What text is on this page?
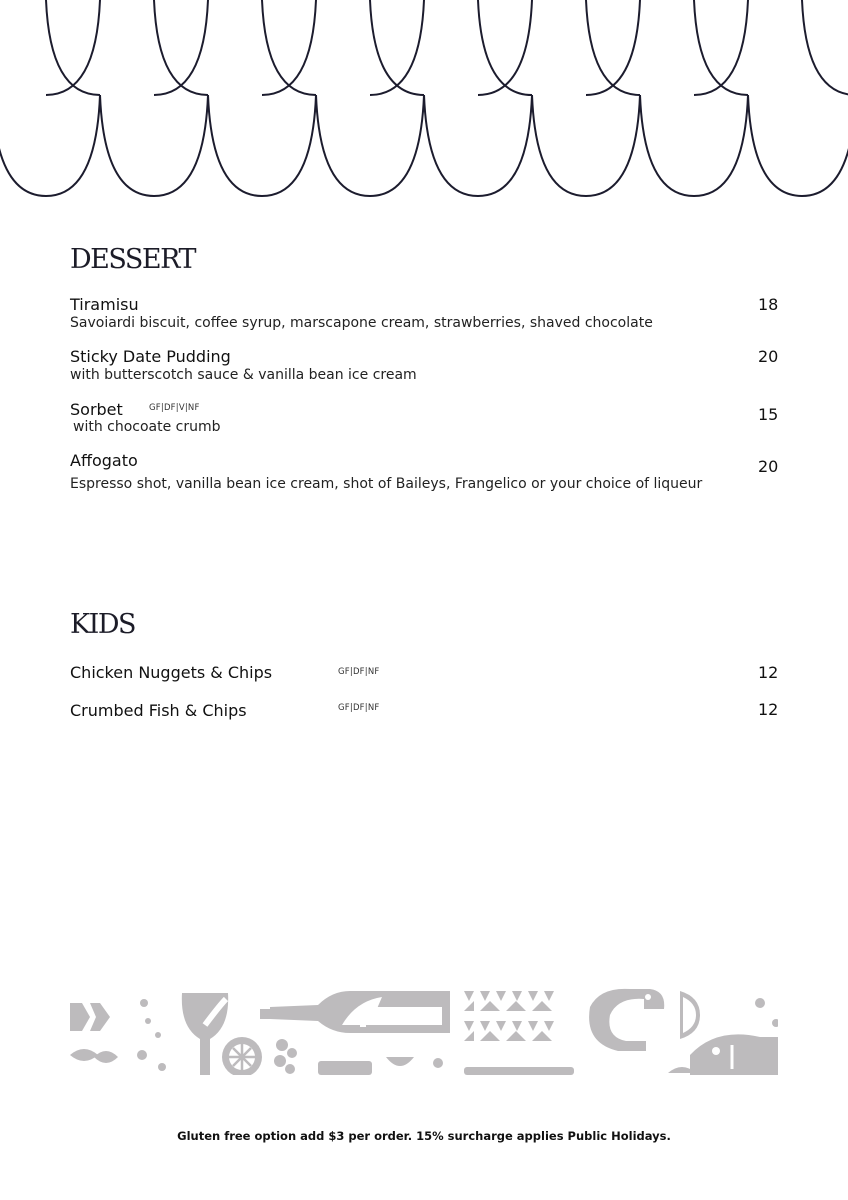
DESSERT
Tiramisu
Savoiardi biscuit, coffee syrup, marscapone cream, strawberries, shaved chocolate
18
Sticky Date Pudding
with butterscotch sauce & vanilla bean ice cream
20
Sorbet	GF|DF|V|NF
with chocoate crumb
15
Affogato
Espresso shot, vanilla bean ice cream, shot of Baileys, Frangelico or your choice of liqueur
20
KIDS
Chicken Nuggets & Chips	GF|DF|NF	12
Crumbed Fish & Chips	GF|DF|NF	12
Gluten free option add $3 per order. 15% surcharge applies Public Holidays.
